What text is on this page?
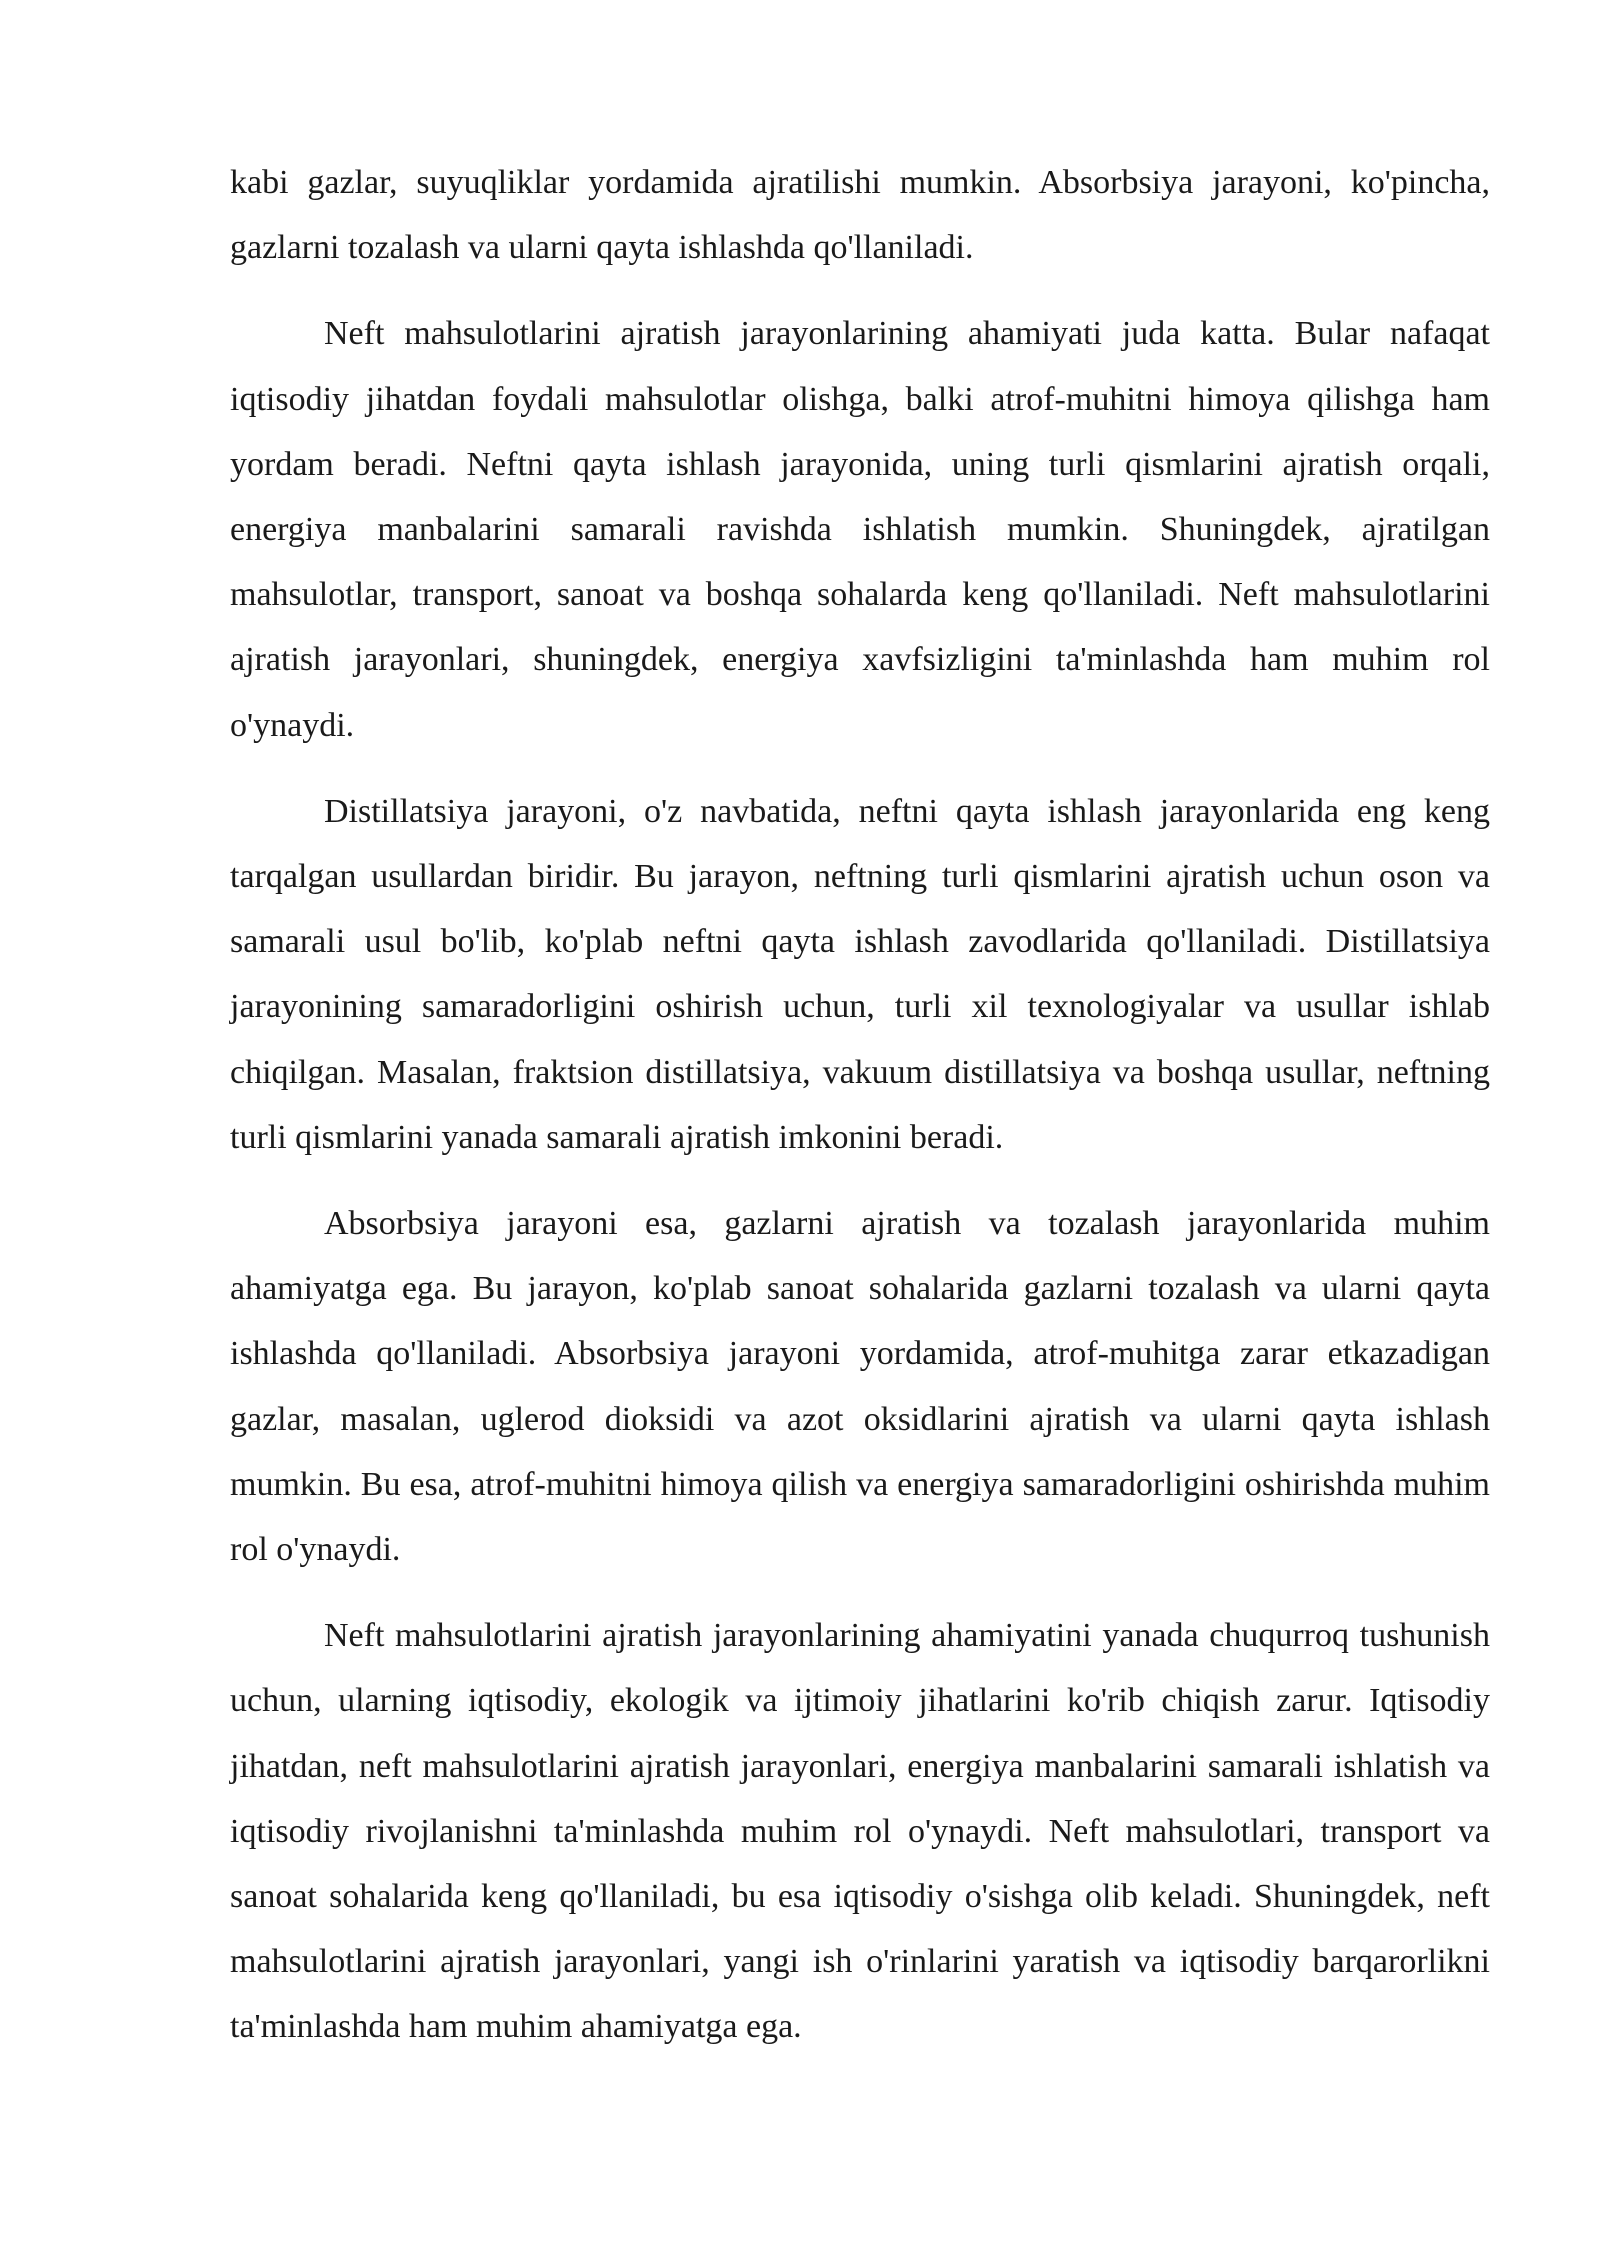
kabi gazlar, suyuqliklar yordamida ajratilishi mumkin. Absorbsiya jarayoni, ko'pincha, gazlarni tozalash va ularni qayta ishlashda qo'llaniladi.

Neft mahsulotlarini ajratish jarayonlarining ahamiyati juda katta. Bular nafaqat iqtisodiy jihatdan foydali mahsulotlar olishga, balki atrof-muhitni himoya qilishga ham yordam beradi. Neftni qayta ishlash jarayonida, uning turli qismlarini ajratish orqali, energiya manbalarini samarali ravishda ishlatish mumkin. Shuningdek, ajratilgan mahsulotlar, transport, sanoat va boshqa sohalarda keng qo'llaniladi. Neft mahsulotlarini ajratish jarayonlari, shuningdek, energiya xavfsizligini ta'minlashda ham muhim rol o'ynaydi.

Distillatsiya jarayoni, o'z navbatida, neftni qayta ishlash jarayonlarida eng keng tarqalgan usullardan biridir. Bu jarayon, neftning turli qismlarini ajratish uchun oson va samarali usul bo'lib, ko'plab neftni qayta ishlash zavodlarida qo'llaniladi. Distillatsiya jarayonining samaradorligini oshirish uchun, turli xil texnologiyalar va usullar ishlab chiqilgan. Masalan, fraktsion distillatsiya, vakuum distillatsiya va boshqa usullar, neftning turli qismlarini yanada samarali ajratish imkonini beradi.

Absorbsiya jarayoni esa, gazlarni ajratish va tozalash jarayonlarida muhim ahamiyatga ega. Bu jarayon, ko'plab sanoat sohalarida gazlarni tozalash va ularni qayta ishlashda qo'llaniladi. Absorbsiya jarayoni yordamida, atrof-muhitga zarar etkazadigan gazlar, masalan, uglerod dioksidi va azot oksidlarini ajratish va ularni qayta ishlash mumkin. Bu esa, atrof-muhitni himoya qilish va energiya samaradorligini oshirishda muhim rol o'ynaydi.

Neft mahsulotlarini ajratish jarayonlarining ahamiyatini yanada chuqurroq tushunish uchun, ularning iqtisodiy, ekologik va ijtimoiy jihatlarini ko'rib chiqish zarur. Iqtisodiy jihatdan, neft mahsulotlarini ajratish jarayonlari, energiya manbalarini samarali ishlatish va iqtisodiy rivojlanishni ta'minlashda muhim rol o'ynaydi. Neft mahsulotlari, transport va sanoat sohalarida keng qo'llaniladi, bu esa iqtisodiy o'sishga olib keladi. Shuningdek, neft mahsulotlarini ajratish jarayonlari, yangi ish o'rinlarini yaratish va iqtisodiy barqarorlikni ta'minlashda ham muhim ahamiyatga ega.
